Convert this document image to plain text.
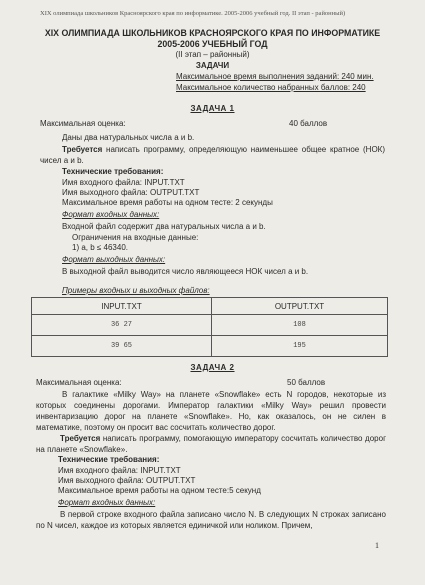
XIX олимпиада школьников Красноярского края по информатике. 2005-2006 учебный год. II этап - районный)
XIX ОЛИМПИАДА ШКОЛЬНИКОВ КРАСНОЯРСКОГО КРАЯ ПО ИНФОРМАТИКЕ
2005-2006 УЧЕБНЫЙ ГОД
(II этап – районный)
ЗАДАЧИ
Максимальное время выполнения заданий: 240 мин.
Максимальное количество набранных баллов: 240
ЗАДАЧА 1
Максимальная оценка:	40 баллов
Даны два натуральных числа a и b.
Требуется написать программу, определяющую наименьшее общее кратное (НОК) чисел a и b.
Технические требования:
Имя входного файла: INPUT.TXT
Имя выходного файла: OUTPUT.TXT
Максимальное время работы на одном тесте: 2 секунды
Формат входных данных:
Входной файл содержит два натуральных числа a и b.
Ограничения на входные данные:
1) a, b ≤ 46340.
Формат выходных данных:
В выходной файл выводится число являющееся НОК чисел a и b.
Примеры входных и выходных файлов:
INPUT.TXT	OUTPUT.TXT
36 27	108
39 65	195
ЗАДАЧА 2
Максимальная оценка:	50 баллов
В галактике «Milky Way» на планете «Snowflake» есть N городов, некоторые из которых соединены дорогами. Император галактики «Milky Way» решил провести инвентаризацию дорог на планете «Snowflake». Но, как оказалось, он не силен в математике, поэтому он просит вас сосчитать количество дорог.
Требуется написать программу, помогающую императору сосчитать количество дорог на планете «Snowflake».
Технические требования:
Имя входного файла: INPUT.TXT
Имя выходного файла: OUTPUT.TXT
Максимальное время работы на одном тесте:5 секунд
Формат входных данных:
В первой строке входного файла записано число N. В следующих N строках записано по N чисел, каждое из которых является единичкой или ноликом. Причем,
1
